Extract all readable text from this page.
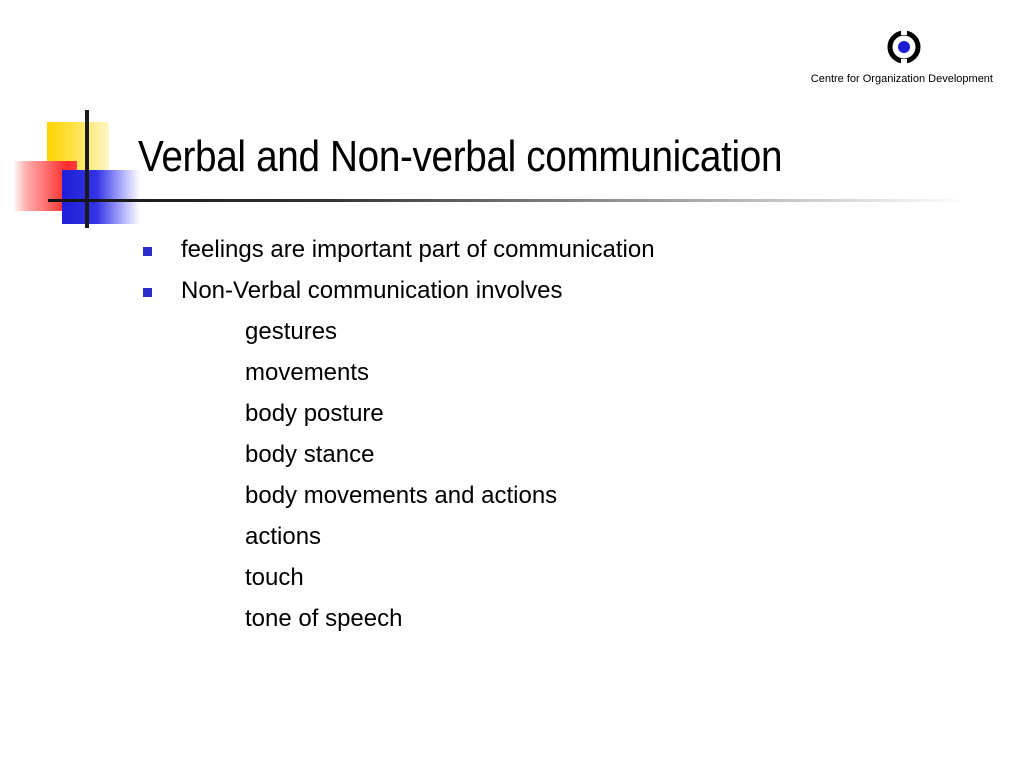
Centre for Organization Development
Verbal and Non-verbal communication
feelings are important part of communication
Non-Verbal communication involves
gestures
movements
body posture
body stance
body movements and actions
actions
touch
tone of speech
